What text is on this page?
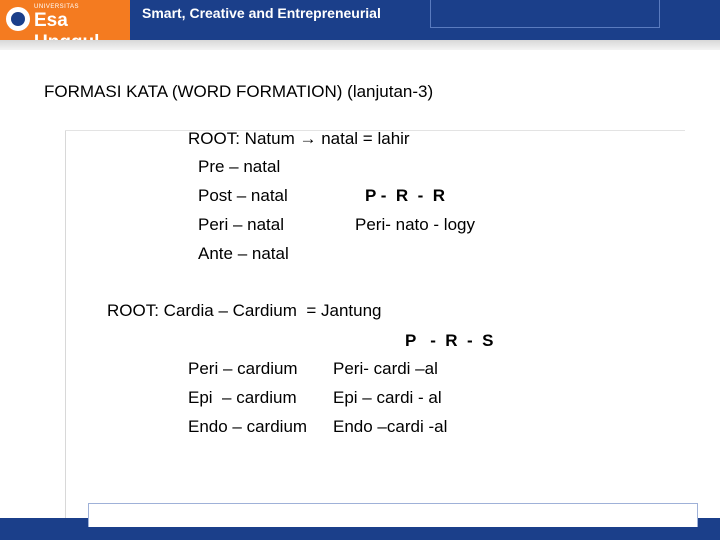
UNIVERSITAS
Esa	Smart, Creative and Entrepreneurial
FORMASI KATA (WORD FORMATION) (lanjutan-3)
ROOT: Natum → natal = lahir
Pre – natal
Post – natal
Peri – natal
Ante – natal
P -  R  -  R
Peri- nato - logy
ROOT: Cardia – Cardium  = Jantung
P   -  R  -  S
Peri – cardium
Epi  – cardium
Endo – cardium
Peri- cardi –al
Epi – cardi - al
Endo –cardi -al
